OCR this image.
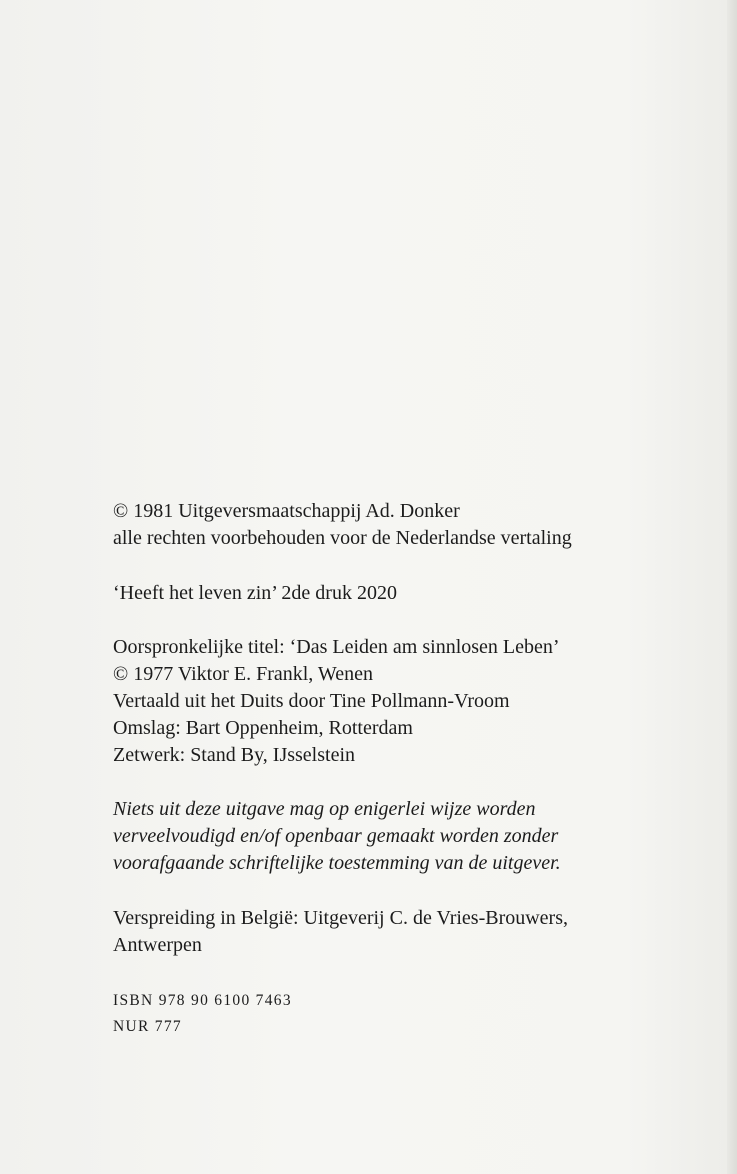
© 1981 Uitgeversmaatschappij Ad. Donker
alle rechten voorbehouden voor de Nederlandse vertaling
‘Heeft het leven zin’ 2de druk 2020
Oorspronkelijke titel: ‘Das Leiden am sinnlosen Leben’
© 1977 Viktor E. Frankl, Wenen
Vertaald uit het Duits door Tine Pollmann-Vroom
Omslag: Bart Oppenheim, Rotterdam
Zetwerk: Stand By, IJsselstein
Niets uit deze uitgave mag op enigerlei wijze worden
verveelvoudigd en/of openbaar gemaakt worden zonder
voorafgaande schriftelijke toestemming van de uitgever.
Verspreiding in België: Uitgeverij C. de Vries-Brouwers,
Antwerpen
ISBN 978 90 6100 7463
NUR 777
